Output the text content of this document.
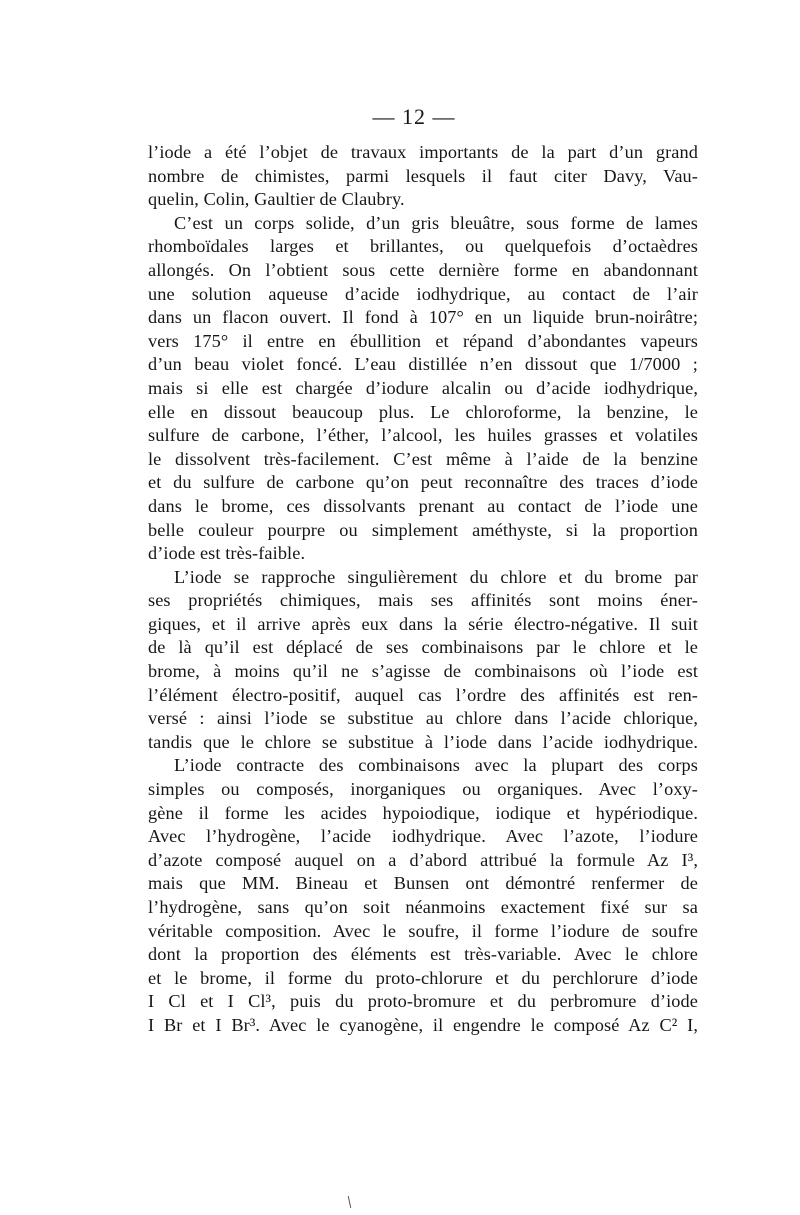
— 12 —
l’iode a été l’objet de travaux importants de la part d’un grand
nombre de chimistes, parmi lesquels il faut citer Davy, Vau-
quelin, Colin, Gaultier de Claubry.
C’est un corps solide, d’un gris bleuâtre, sous forme de lames
rhomboïdales larges et brillantes, ou quelquefois d’octaèdres
allongés. On l’obtient sous cette dernière forme en abandonnant
une solution aqueuse d’acide iodhydrique, au contact de l’air
dans un flacon ouvert. Il fond à 107° en un liquide brun-noirâtre;
vers 175° il entre en ébullition et répand d’abondantes vapeurs
d’un beau violet foncé. L’eau distillée n’en dissout que 1/7000 ;
mais si elle est chargée d’iodure alcalin ou d’acide iodhydrique,
elle en dissout beaucoup plus. Le chloroforme, la benzine, le
sulfure de carbone, l’éther, l’alcool, les huiles grasses et volatiles
le dissolvent très-facilement. C’est même à l’aide de la benzine
et du sulfure de carbone qu’on peut reconnaître des traces d’iode
dans le brome, ces dissolvants prenant au contact de l’iode une
belle couleur pourpre ou simplement améthyste, si la proportion
d’iode est très-faible.
L’iode se rapproche singulièrement du chlore et du brome par
ses propriétés chimiques, mais ses affinités sont moins éner-
giques, et il arrive après eux dans la série électro-négative. Il suit
de là qu’il est déplacé de ses combinaisons par le chlore et le
brome, à moins qu’il ne s’agisse de combinaisons où l’iode est
l’élément électro-positif, auquel cas l’ordre des affinités est ren-
versé : ainsi l’iode se substitue au chlore dans l’acide chlorique,
tandis que le chlore se substitue à l’iode dans l’acide iodhydrique.
L’iode contracte des combinaisons avec la plupart des corps
simples ou composés, inorganiques ou organiques. Avec l’oxy-
gène il forme les acides hypoiodique, iodique et hypériodique.
Avec l’hydrogène, l’acide iodhydrique. Avec l’azote, l’iodure
d’azote composé auquel on a d’abord attribué la formule Az I³,
mais que MM. Bineau et Bunsen ont démontré renfermer de
l’hydrogène, sans qu’on soit néanmoins exactement fixé sur sa
véritable composition. Avec le soufre, il forme l’iodure de soufre
dont la proportion des éléments est très-variable. Avec le chlore
et le brome, il forme du proto-chlorure et du perchlorure d’iode
I Cl et I Cl³, puis du proto-bromure et du perbromure d’iode
I Br et I Br³. Avec le cyanogène, il engendre le composé Az C² I,
